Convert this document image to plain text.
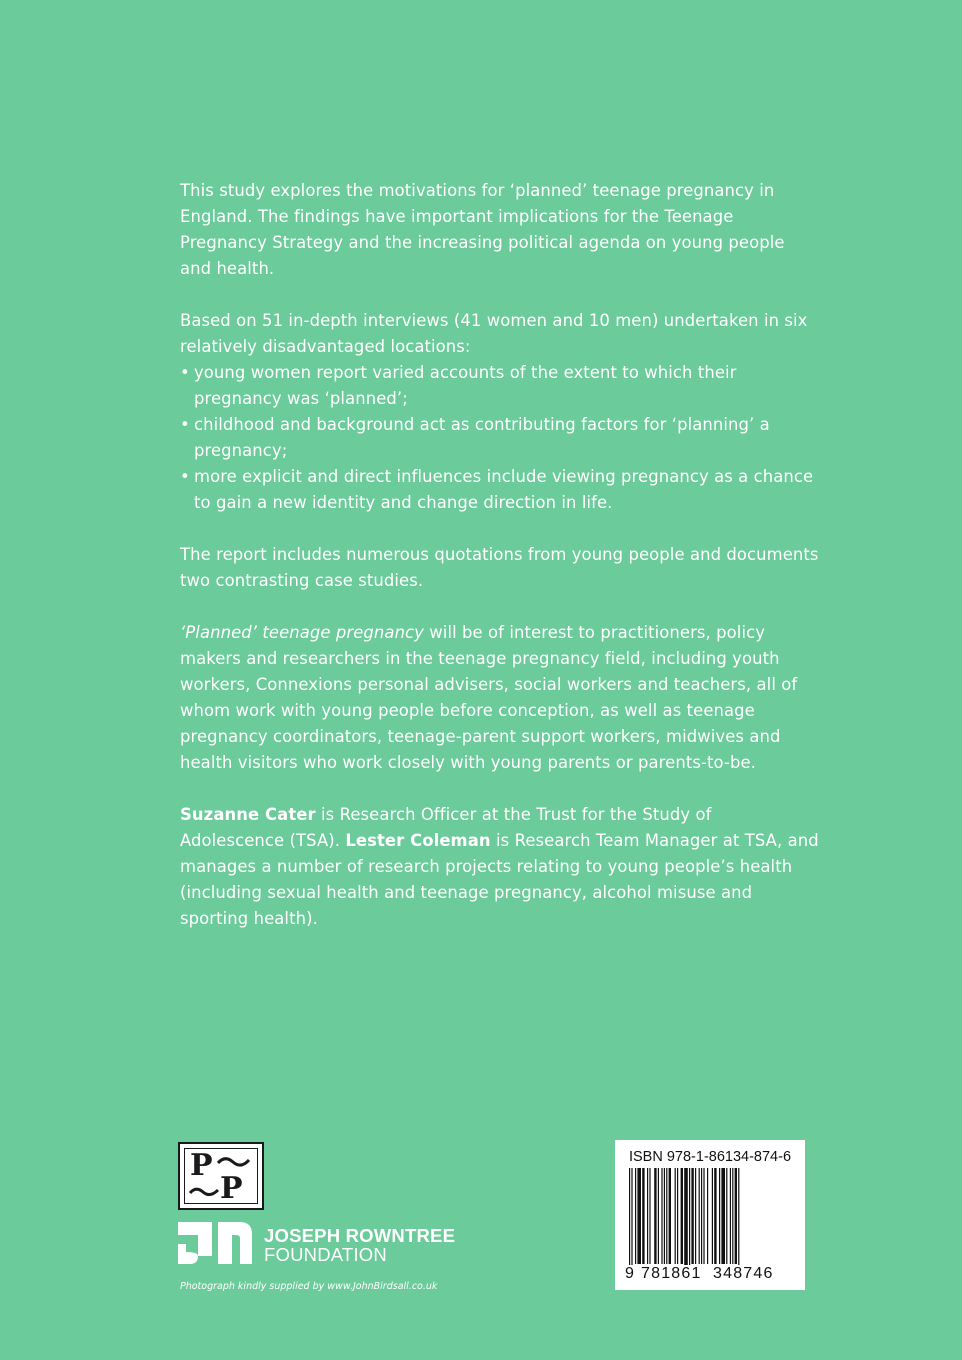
This study explores the motivations for ‘planned’ teenage pregnancy in England. The findings have important implications for the Teenage Pregnancy Strategy and the increasing political agenda on young people and health.

Based on 51 in-depth interviews (41 women and 10 men) undertaken in six relatively disadvantaged locations:

• young women report varied accounts of the extent to which their pregnancy was ‘planned’;
• childhood and background act as contributing factors for ‘planning’ a pregnancy;
• more explicit and direct influences include viewing pregnancy as a chance to gain a new identity and change direction in life.

The report includes numerous quotations from young people and documents two contrasting case studies.

‘Planned’ teenage pregnancy will be of interest to practitioners, policy makers and researchers in the teenage pregnancy field, including youth workers, Connexions personal advisers, social workers and teachers, all of whom work with young people before conception, as well as teenage pregnancy coordinators, teenage-parent support workers, midwives and health visitors who work closely with young parents or parents-to-be.

Suzanne Cater is Research Officer at the Trust for the Study of Adolescence (TSA). Lester Coleman is Research Team Manager at TSA, and manages a number of research projects relating to young people’s health (including sexual health and teenage pregnancy, alcohol misuse and sporting health).

P
P
JOSEPH ROWNTREE
FOUNDATION
Photograph kindly supplied by www.JohnBirdsall.co.uk
ISBN 978-1-86134-874-6
9 781861 348746
